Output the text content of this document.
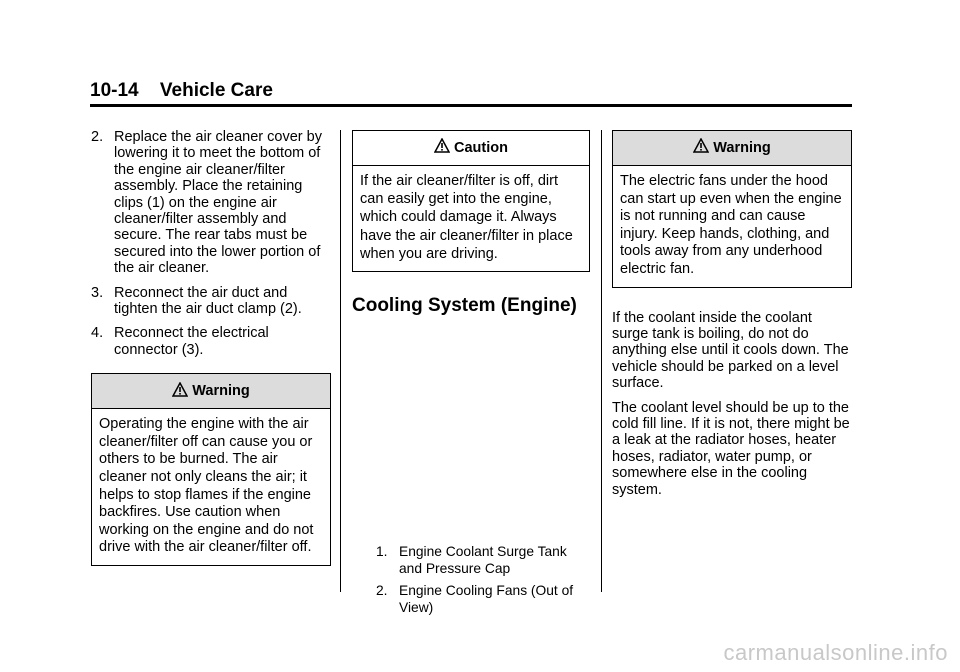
10-14 Vehicle Care
2. Replace the air cleaner cover by lowering it to meet the bottom of the engine air cleaner/filter assembly. Place the retaining clips (1) on the engine air cleaner/filter assembly and secure. The rear tabs must be secured into the lower portion of the air cleaner.
3. Reconnect the air duct and tighten the air duct clamp (2).
4. Reconnect the electrical connector (3).
Warning
Operating the engine with the air cleaner/filter off can cause you or others to be burned. The air cleaner not only cleans the air; it helps to stop flames if the engine backfires. Use caution when working on the engine and do not drive with the air cleaner/filter off.
Caution
If the air cleaner/filter is off, dirt can easily get into the engine, which could damage it. Always have the air cleaner/filter in place when you are driving.
Cooling System (Engine)
1. Engine Coolant Surge Tank and Pressure Cap
2. Engine Cooling Fans (Out of View)
Warning
The electric fans under the hood can start up even when the engine is not running and can cause injury. Keep hands, clothing, and tools away from any underhood electric fan.

If the coolant inside the coolant surge tank is boiling, do not do anything else until it cools down. The vehicle should be parked on a level surface.

The coolant level should be up to the cold fill line. If it is not, there might be a leak at the radiator hoses, heater hoses, radiator, water pump, or somewhere else in the cooling system.

carmanualsonline.info
